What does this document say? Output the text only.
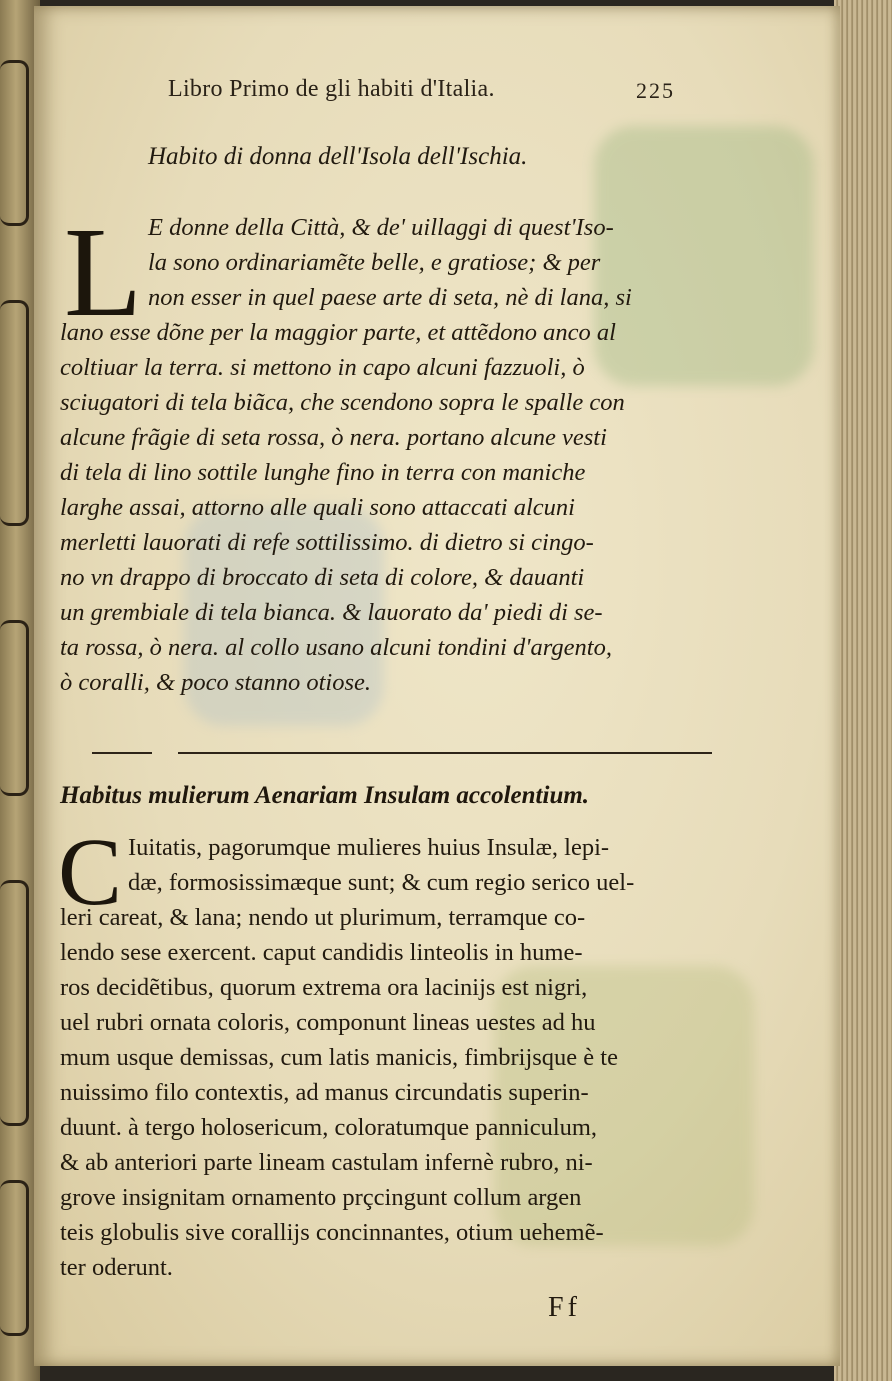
Libro Primo de gli habiti d'Italia.	225
Habito di donna dell'Isola dell'Ischia.
L E donne della Città, & de' uillaggi di quest'Iso-
la sono ordinariamẽte belle, e gratiose; & per
non esser in quel paese arte di seta, nè di lana, si
lano esse dõne per la maggior parte, et attẽdono anco al
coltiuar la terra. si mettono in capo alcuni fazzuoli, ò
sciugatori di tela biãca, che scendono sopra le spalle con
alcune frãgie di seta rossa, ò nera. portano alcune vesti
di tela di lino sottile lunghe fino in terra con maniche
larghe assai, attorno alle quali sono attaccati alcuni
merletti lauorati di refe sottilissimo. di dietro si cingo-
no vn drappo di broccato di seta di colore, & dauanti
un grembiale di tela bianca. & lauorato da' piedi di se-
ta rossa, ò nera. al collo usano alcuni tondini d'argento,
ò coralli, & poco stanno otiose.
Habitus mulierum Aenariam Insulam accolentium.
C Iuitatis, pagorumque mulieres huius Insulæ, lepi-
dæ, formosissimæque sunt; & cum regio serico uel-
leri careat, & lana; nendo ut plurimum, terramque co-
lendo sese exercent. caput candidis linteolis in hume-
ros decidẽtibus, quorum extrema ora lacinijs est nigri,
uel rubri ornata coloris, componunt lineas uestes ad hu
mum usque demissas, cum latis manicis, fimbrijsque è te
nuissimo filo contextis, ad manus circundatis superin-
duunt. à tergo holosericum, coloratumque panniculum,
& ab anteriori parte lineam castulam infernè rubro, ni-
grove insignitam ornamento prçcingunt collum argen
teis globulis sive corallijs concinnantes, otium uehemẽ-
ter oderunt.
Ff
